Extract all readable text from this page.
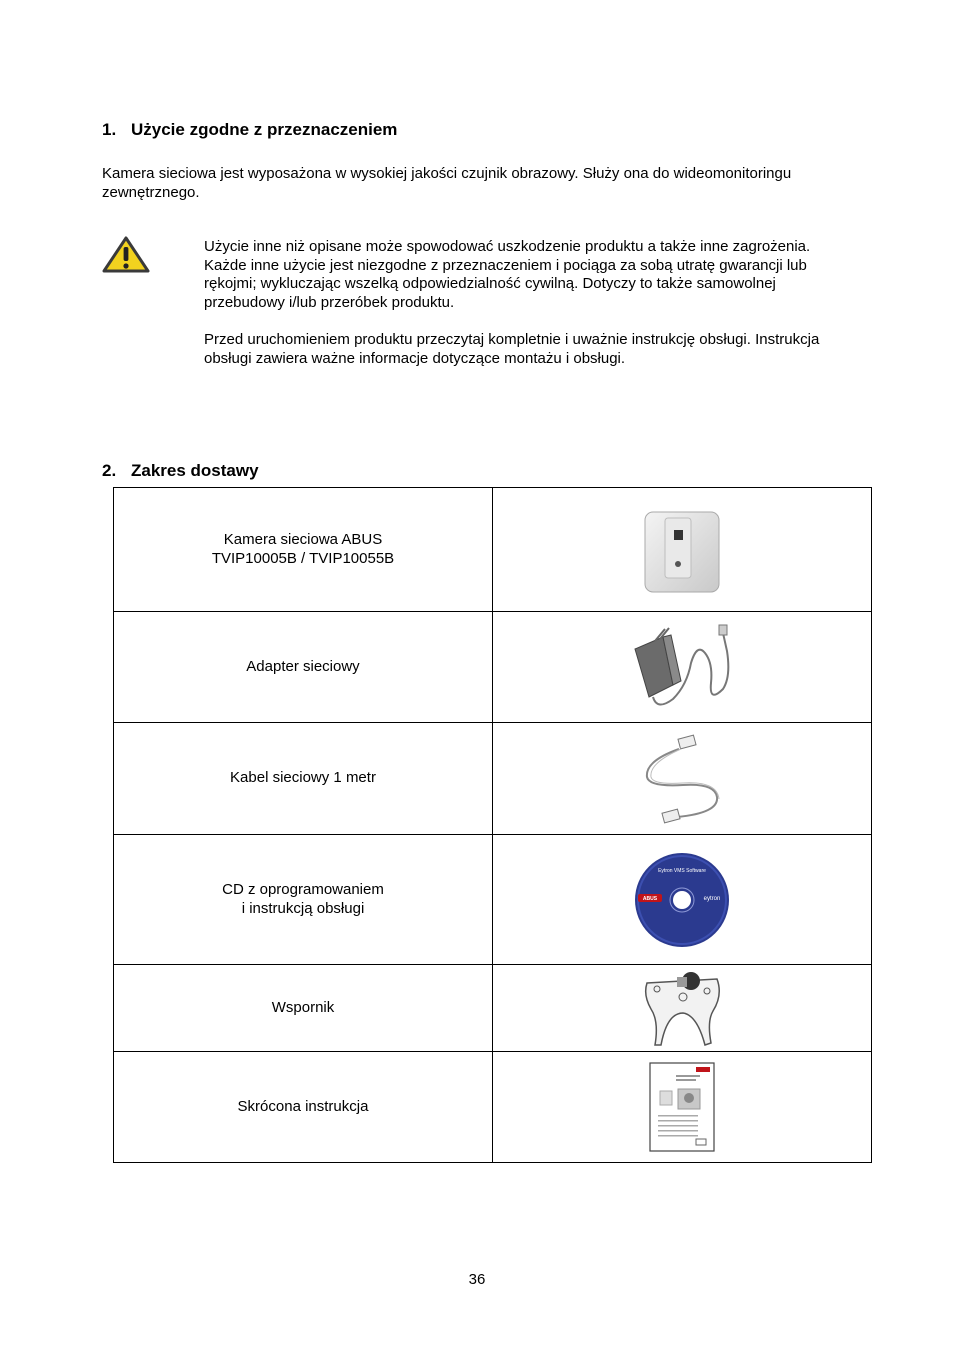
1. Użycie zgodne z przeznaczeniem

Kamera sieciowa jest wyposażona w wysokiej jakości czujnik obrazowy. Służy ona do wideomonitoringu
zewnętrznego.

Użycie inne niż opisane może spowodować uszkodzenie produktu a także inne zagrożenia.
Każde inne użycie jest niezgodne z przeznaczeniem i pociąga za sobą utratę gwarancji lub
rękojmi; wykluczając wszelką odpowiedzialność cywilną. Dotyczy to także samowolnej
przebudowy i/lub przeróbek produktu.

Przed uruchomieniem produktu przeczytaj kompletnie i uważnie instrukcję obsługi. Instrukcja
obsługi zawiera ważne informacje dotyczące montażu i obsługi.

2. Zakres dostawy
Kamera sieciowa ABUS
TVIP10005B / TVIP10055B

Adapter sieciowy

Kabel sieciowy 1 metr

CD z oprogramowaniem
i instrukcją obsługi	Eytron VMS Software
ABUS eytron

Wspornik

Skrócona instrukcja

36
